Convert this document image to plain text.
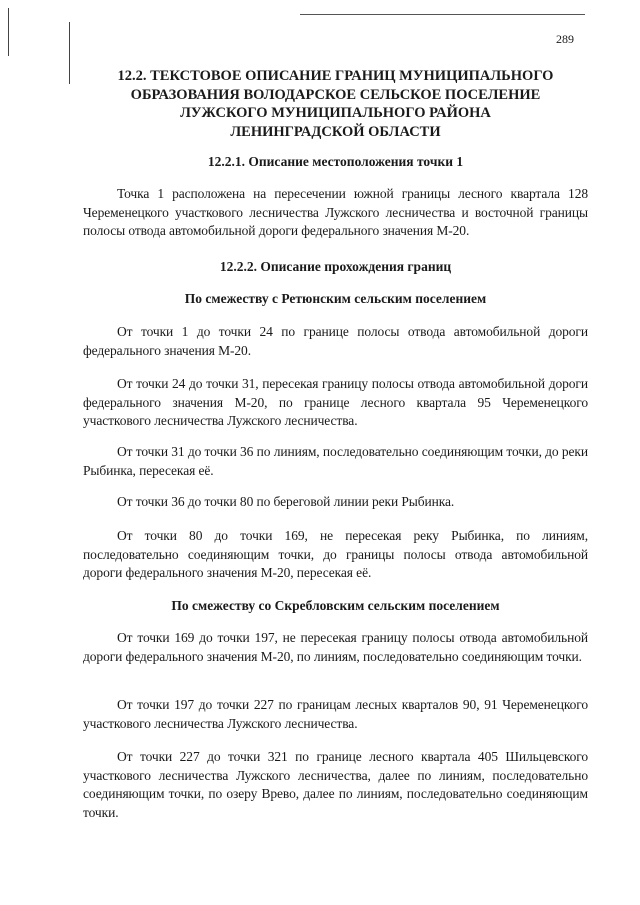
289
12.2. ТЕКСТОВОЕ ОПИСАНИЕ ГРАНИЦ МУНИЦИПАЛЬНОГО
ОБРАЗОВАНИЯ ВОЛОДАРСКОЕ СЕЛЬСКОЕ ПОСЕЛЕНИЕ
ЛУЖСКОГО МУНИЦИПАЛЬНОГО РАЙОНА
ЛЕНИНГРАДСКОЙ ОБЛАСТИ
12.2.1. Описание местоположения точки 1

Точка 1 расположена на пересечении южной границы лесного квартала 128 Череменецкого участкового лесничества Лужского лесничества и восточной границы полосы отвода автомобильной дороги федерального значения М-20.

12.2.2. Описание прохождения границ
По смежеству с Ретюнским сельским поселением

От точки 1 до точки 24 по границе полосы отвода автомобильной дороги федерального значения М-20.

От точки 24 до точки 31, пересекая границу полосы отвода автомобильной дороги федерального значения М-20, по границе лесного квартала 95 Череменецкого участкового лесничества Лужского лесничества.

От точки 31 до точки 36 по линиям, последовательно соединяющим точки, до реки Рыбинка, пересекая её.

От точки 36 до точки 80 по береговой линии реки Рыбинка.

От точки 80 до точки 169, не пересекая реку Рыбинка, по линиям, последовательно соединяющим точки, до границы полосы отвода автомобильной дороги федерального значения М-20, пересекая её.

По смежеству со Скребловским сельским поселением

От точки 169 до точки 197, не пересекая границу полосы отвода автомобильной дороги федерального значения М-20, по линиям, последовательно соединяющим точки.

От точки 197 до точки 227 по границам лесных кварталов 90, 91 Череменецкого участкового лесничества Лужского лесничества.

От точки 227 до точки 321 по границе лесного квартала 405 Шильцевского участкового лесничества Лужского лесничества, далее по линиям, последовательно соединяющим точки, по озеру Врево, далее по линиям, последовательно соединяющим точки.
